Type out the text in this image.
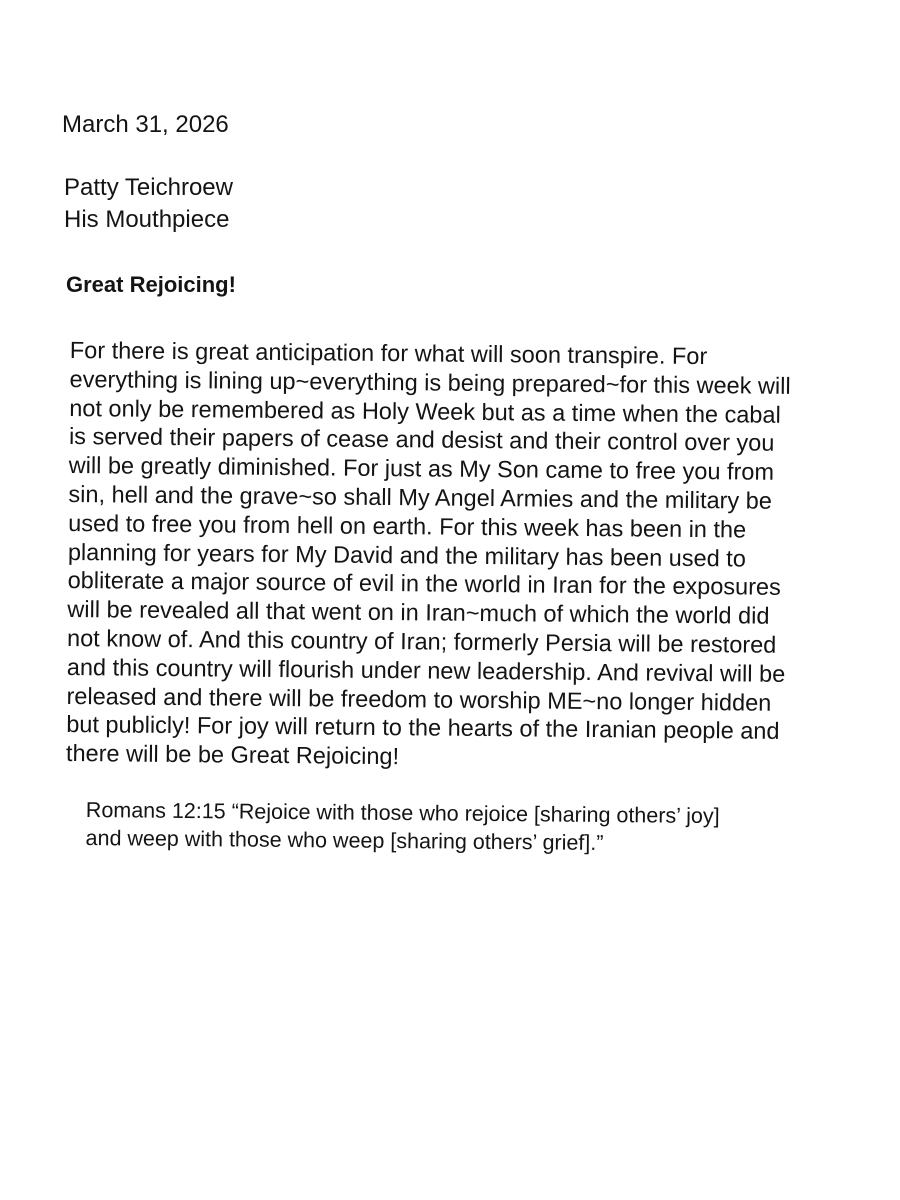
March 31, 2026
Patty Teichroew
His Mouthpiece
Great Rejoicing!
For there is great anticipation for what will soon transpire. For
everything is lining up~everything is being prepared~for this week will
not only be remembered as Holy Week but as a time when the cabal
is served their papers of cease and desist and their control over you
will be greatly diminished. For just as My Son came to free you from
sin, hell and the grave~so shall My Angel Armies and the military be
used to free you from hell on earth. For this week has been in the
planning for years for My David and the military has been used to
obliterate a major source of evil in the world in Iran for the exposures
will be revealed all that went on in Iran~much of which the world did
not know of. And this country of Iran; formerly Persia will be restored
and this country will flourish under new leadership. And revival will be
released and there will be freedom to worship ME~no longer hidden
but publicly! For joy will return to the hearts of the Iranian people and
there will be be Great Rejoicing!
Romans 12:15 “Rejoice with those who rejoice [sharing others’ joy]
and weep with those who weep [sharing others’ grief].”
